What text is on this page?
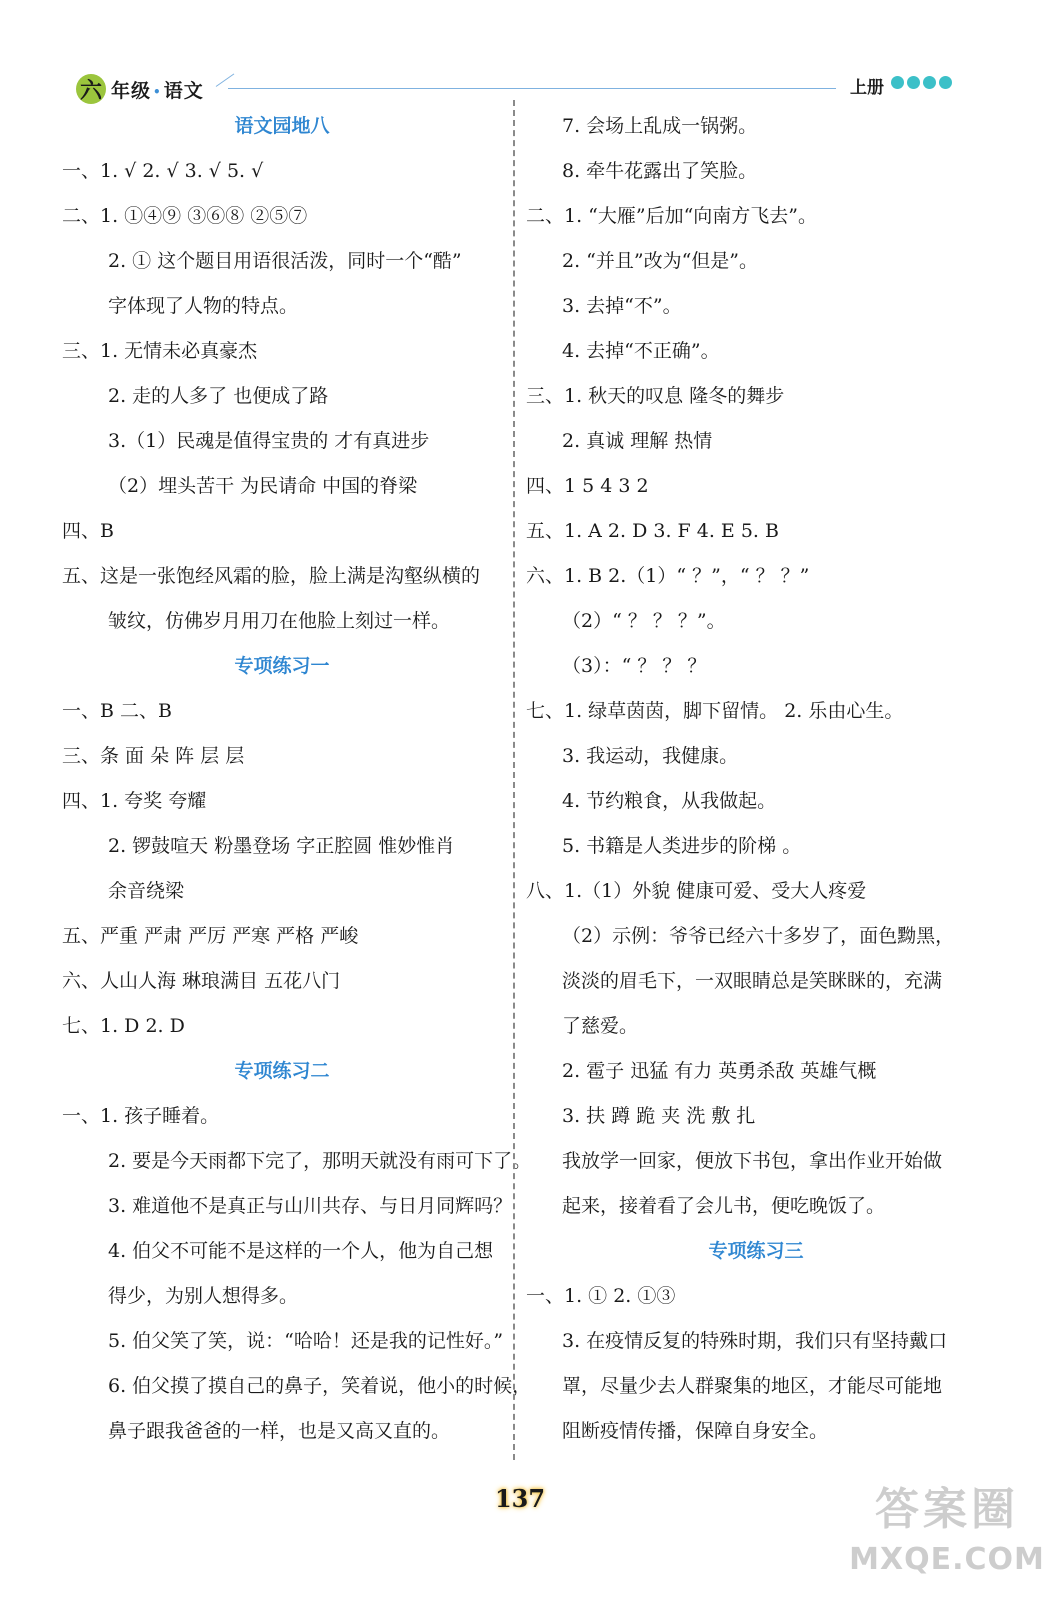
六 年级 • 语文	上册
语文园地八
一、1. √ 2. √ 3. √ 5. √
二、1. ①④⑨ ③⑥⑧ ②⑤⑦
2. ① 这个题目用语很活泼，同时一个“酷”
字体现了人物的特点。
三、1. 无情未必真豪杰
2. 走的人多了 也便成了路
3.（1）民魂是值得宝贵的 才有真进步
（2）埋头苦干 为民请命 中国的脊梁
四、B
五、这是一张饱经风霜的脸，脸上满是沟壑纵横的
皱纹，仿佛岁月用刀在他脸上刻过一样。
专项练习一
一、B 二、B
三、条 面 朵 阵 层 层
四、1. 夸奖 夸耀
2. 锣鼓喧天 粉墨登场 字正腔圆 惟妙惟肖
余音绕梁
五、严重 严肃 严厉 严寒 严格 严峻
六、人山人海 琳琅满目 五花八门
七、1. D 2. D
专项练习二
一、1. 孩子睡着。
2. 要是今天雨都下完了，那明天就没有雨可下了。
3. 难道他不是真正与山川共存、与日月同辉吗？
4. 伯父不可能不是这样的一个人，他为自己想
得少，为别人想得多。
5. 伯父笑了笑，说：“哈哈！还是我的记性好。”
6. 伯父摸了摸自己的鼻子，笑着说，他小的时候，
鼻子跟我爸爸的一样，也是又高又直的。
7. 会场上乱成一锅粥。
8. 牵牛花露出了笑脸。
二、1. “大雁”后加“向南方飞去”。
2. “并且”改为“但是”。
3. 去掉“不”。
4. 去掉“不正确”。
三、1. 秋天的叹息 隆冬的舞步
2. 真诚 理解 热情
四、1 5 4 3 2
五、1. A 2. D 3. F 4. E 5. B
六、1. B 2.（1）“ ？”，“ ？ ？”
（2）“ ？ ？ ？”。
（3）：“ ？ ？ ？
七、1. 绿草茵茵，脚下留情。 2. 乐由心生。
3. 我运动，我健康。
4. 节约粮食，从我做起。
5. 书籍是人类进步的阶梯 。
八、1.（1）外貌 健康可爱、受大人疼爱
（2）示例：爷爷已经六十多岁了，面色黝黑，
淡淡的眉毛下，一双眼睛总是笑眯眯的，充满
了慈爱。
2. 雹子 迅猛 有力 英勇杀敌 英雄气概
3. 扶 蹲 跪 夹 洗 敷 扎
我放学一回家，便放下书包，拿出作业开始做
起来，接着看了会儿书，便吃晚饭了。
专项练习三
一、1. ① 2. ①③
3. 在疫情反复的特殊时期，我们只有坚持戴口
罩，尽量少去人群聚集的地区，才能尽可能地
阻断疫情传播，保障自身安全。
137	答案圈
MXQE.COM
